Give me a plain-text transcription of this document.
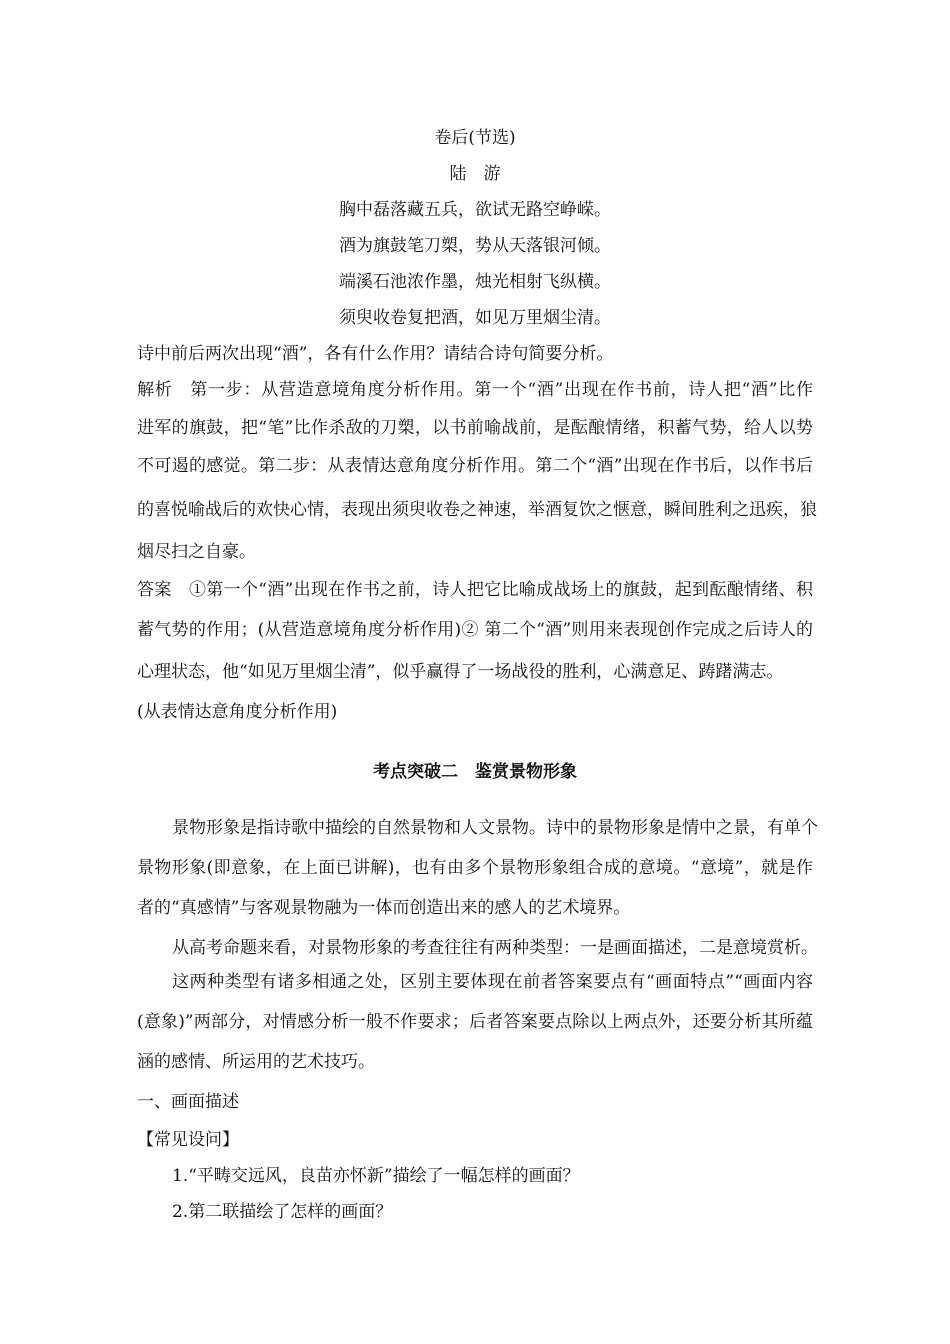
卷后(节选)
陆　游
胸中磊落藏五兵，欲试无路空峥嵘。
酒为旗鼓笔刀槊，势从天落银河倾。
端溪石池浓作墨，烛光相射飞纵横。
须臾收卷复把酒，如见万里烟尘清。
诗中前后两次出现“酒”，各有什么作用？请结合诗句简要分析。
解析　第一步：从营造意境角度分析作用。第一个“酒”出现在作书前，诗人把“酒”比作
进军的旗鼓，把“笔”比作杀敌的刀槊，以书前喻战前，是酝酿情绪，积蓄气势，给人以势
不可遏的感觉。第二步：从表情达意角度分析作用。第二个“酒”出现在作书后，以作书后
的喜悦喻战后的欢快心情，表现出须臾收卷之神速，举酒复饮之惬意，瞬间胜利之迅疾，狼
烟尽扫之自豪。
答案　①第一个“酒”出现在作书之前，诗人把它比喻成战场上的旗鼓，起到酝酿情绪、积
蓄气势的作用；(从营造意境角度分析作用)② 第二个“酒”则用来表现创作完成之后诗人的
心理状态，他“如见万里烟尘清”，似乎赢得了一场战役的胜利，心满意足、踌躇满志。
(从表情达意角度分析作用)
考点突破二　鉴赏景物形象
景物形象是指诗歌中描绘的自然景物和人文景物。诗中的景物形象是情中之景，有单个
景物形象(即意象，在上面已讲解)，也有由多个景物形象组合成的意境。“意境”，就是作
者的“真感情”与客观景物融为一体而创造出来的感人的艺术境界。
从高考命题来看，对景物形象的考查往往有两种类型：一是画面描述，二是意境赏析。
这两种类型有诸多相通之处，区别主要体现在前者答案要点有“画面特点”“画面内容
(意象)”两部分，对情感分析一般不作要求；后者答案要点除以上两点外，还要分析其所蕴
涵的感情、所运用的艺术技巧。
一、画面描述
【常见设问】
1.“平畴交远风，良苗亦怀新”描绘了一幅怎样的画面？
2.第二联描绘了怎样的画面？
